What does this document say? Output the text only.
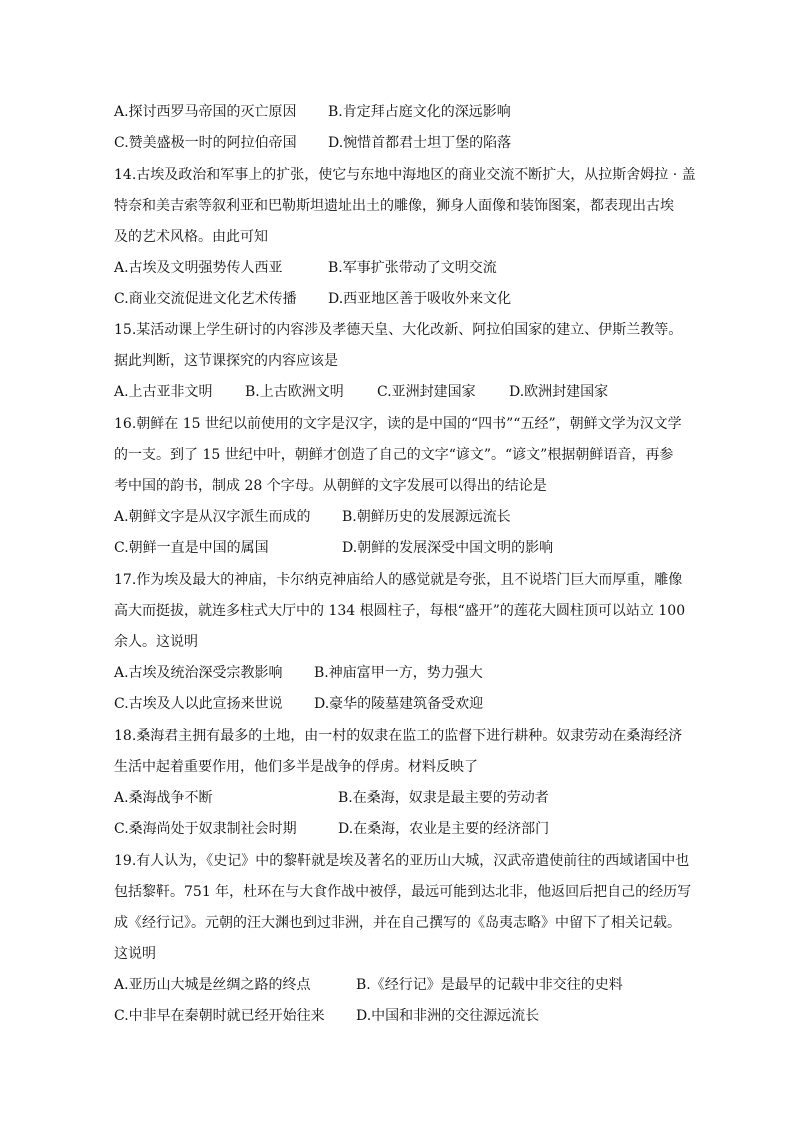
A.探讨西罗马帝国的灭亡原因 B.肯定拜占庭文化的深远影响
C.赞美盛极一时的阿拉伯帝国 D.惋惜首都君士坦丁堡的陷落
14.古埃及政治和军事上的扩张，使它与东地中海地区的商业交流不断扩大，从拉斯舍姆拉 · 盖
特奈和美吉索等叙利亚和巴勒斯坦遗址出土的雕像，狮身人面像和装饰图案，都表现出古埃
及的艺术风格。由此可知
A.古埃及文明强势传人西亚	B.军事扩张带动了文明交流
C.商业交流促进文化艺术传播 D.西亚地区善于吸收外来文化
15.某活动课上学生研讨的内容涉及孝德天皇、大化改新、阿拉伯国家的建立、伊斯兰教等。
据此判断，这节课探究的内容应该是
A.上古亚非文明 B.上古欧洲文明 C.亚洲封建国家 D.欧洲封建国家
16.朝鲜在 15 世纪以前使用的文字是汉字，读的是中国的“四书”“五经”，朝鲜文学为汉文学
的一支。到了 15 世纪中叶，朝鲜才创造了自己的文字“谚文”。“谚文”根据朝鲜语音，再参
考中国的韵书，制成 28 个字母。从朝鲜的文字发展可以得出的结论是
A.朝鲜文字是从汉字派生而成的 B.朝鲜历史的发展源远流长
C.朝鲜一直是中国的属国	D.朝鲜的发展深受中国文明的影响
17.作为埃及最大的神庙，卡尔纳克神庙给人的感觉就是夸张，且不说塔门巨大而厚重，雕像
高大而挺拔，就连多柱式大厅中的 134 根圆柱子，每根“盛开”的莲花大圆柱顶可以站立 100
余人。这说明
A.古埃及统治深受宗教影响 B.神庙富甲一方，势力强大
C.古埃及人以此宣扬来世说 D.豪华的陵墓建筑备受欢迎
18.桑海君主拥有最多的土地，由一村的奴隶在监工的监督下进行耕种。奴隶劳动在桑海经济
生活中起着重要作用，他们多半是战争的俘虏。材料反映了
A.桑海战争不断	B.在桑海，奴隶是最主要的劳动者
C.桑海尚处于奴隶制社会时期	D.在桑海，农业是主要的经济部门
19.有人认为，《史记》中的黎靬就是埃及著名的亚历山大城，汉武帝遣使前往的西域诸国中也
包括黎靬。751 年，杜环在与大食作战中被俘，最远可能到达北非，他返回后把自己的经历写
成《经行记》。元朝的汪大渊也到过非洲，并在自己撰写的《岛夷志略》中留下了相关记载。
这说明
A.亚历山大城是丝绸之路的终点	B.《经行记》是最早的记载中非交往的史料
C.中非早在秦朝时就已经开始往来 D.中国和非洲的交往源远流长
